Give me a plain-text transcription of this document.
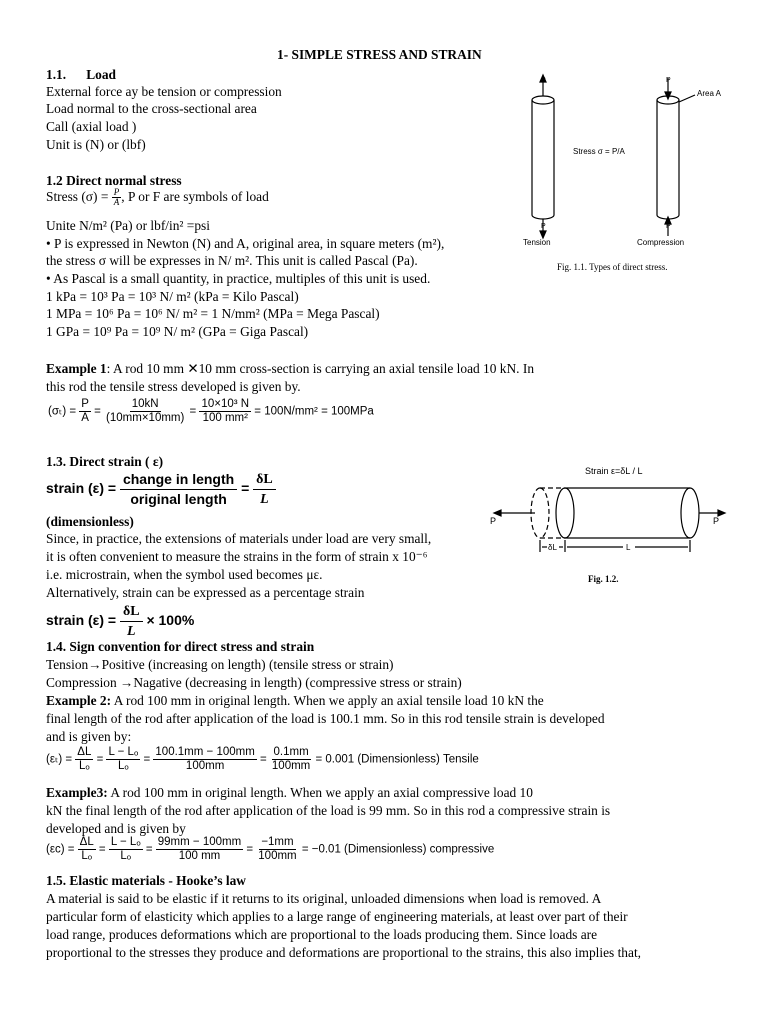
1- SIMPLE STRESS AND STRAIN
1.1. Load
External force ay be tension or compression
Load normal to the cross-sectional area
Call (axial load )
Unit is (N) or (lbf)
P	P
P	P
Area A
Stress σ = P/A
Tension	Compression
Fig. 1.1. Types of direct stress.
1.2 Direct normal stress
Stress $(\sigma) = \frac{P}{A}$ , P or F are symbols of load
Unite N/m² (Pa) or lbf/in² =psi
• P is expressed in Newton (N) and A, original area, in square meters (m²),
the stress σ will be expresses in N/ m². This unit is called Pascal (Pa).
• As Pascal is a small quantity, in practice, multiples of this unit is used.
1 kPa = 10³ Pa = 10³ N/ m² (kPa = Kilo Pascal)
1 MPa = 10⁶ Pa = 10⁶ N/ m² = 1 N/mm² (MPa = Mega Pascal)
1 GPa = 10⁹ Pa = 10⁹ N/ m² (GPa = Giga Pascal)
Example 1: A rod 10 mm ✕10 mm cross-section is carrying an axial tensile load 10 kN. In
this rod the tensile stress developed is given by.
$(\sigma_t) = \frac{P}{A} = \frac{10kN}{(10mm\times 10mm)} = \frac{\text{10×10³ N}}{\text{100 mm²}} = 100N/mm^2 = 100MPa$
1.3. Direct strain ( ε)
strain $(\varepsilon) = \frac{\text{change in length}}{\text{original length}} = \frac{\delta L}{L}$
(dimensionless)
Since, in practice, the extensions of materials under load are very small,
it is often convenient to measure the strains in the form of strain x 10⁻⁶
i.e. microstrain, when the symbol used becomes με.
Alternatively, strain can be expressed as a percentage strain
strain $(\varepsilon) = \frac{\delta L}{L} \times 100\%$
Strain ε=δL / L
P	P
δL	L
Fig. 1.2.
1.4. Sign convention for direct stress and strain
Tension→Positive (increasing on length) (tensile stress or strain)
Compression →Nagative (decreasing in length) (compressive stress or strain)
Example 2: A rod 100 mm in original length. When we apply an axial tensile load 10 kN the
final length of the rod after application of the load is 100.1 mm. So in this rod tensile strain is developed
and is given by:
$(\varepsilon_t) = \frac{\Delta L}{\text{Lₒ}} = \frac{\text{L − Lₒ}}{\text{Lₒ}} = \frac{100.1mm - 100mm}{100mm} = \frac{0.1mm}{100mm} = 0.001$ (Dimensionless) Tensile
Example3: A rod 100 mm in original length. When we apply an axial compressive load 10
kN the final length of the rod after application of the load is 99 mm. So in this rod a compressive strain is
developed and is given by
$(\varepsilon c) = \frac{\Delta L}{\text{Lₒ}} = \frac{\text{L − Lₒ}}{\text{Lₒ}} = \frac{99mm - 100mm}{100 mm} = \frac{-1mm}{100mm} = -0.01$ (Dimensionless) compressive
1.5. Elastic materials - Hooke’s law
A material is said to be elastic if it returns to its original, unloaded dimensions when load is removed. A
particular form of elasticity which applies to a large range of engineering materials, at least over part of their
load range, produces deformations which are proportional to the loads producing them. Since loads are
proportional to the stresses they produce and deformations are proportional to the strains, this also implies that,
